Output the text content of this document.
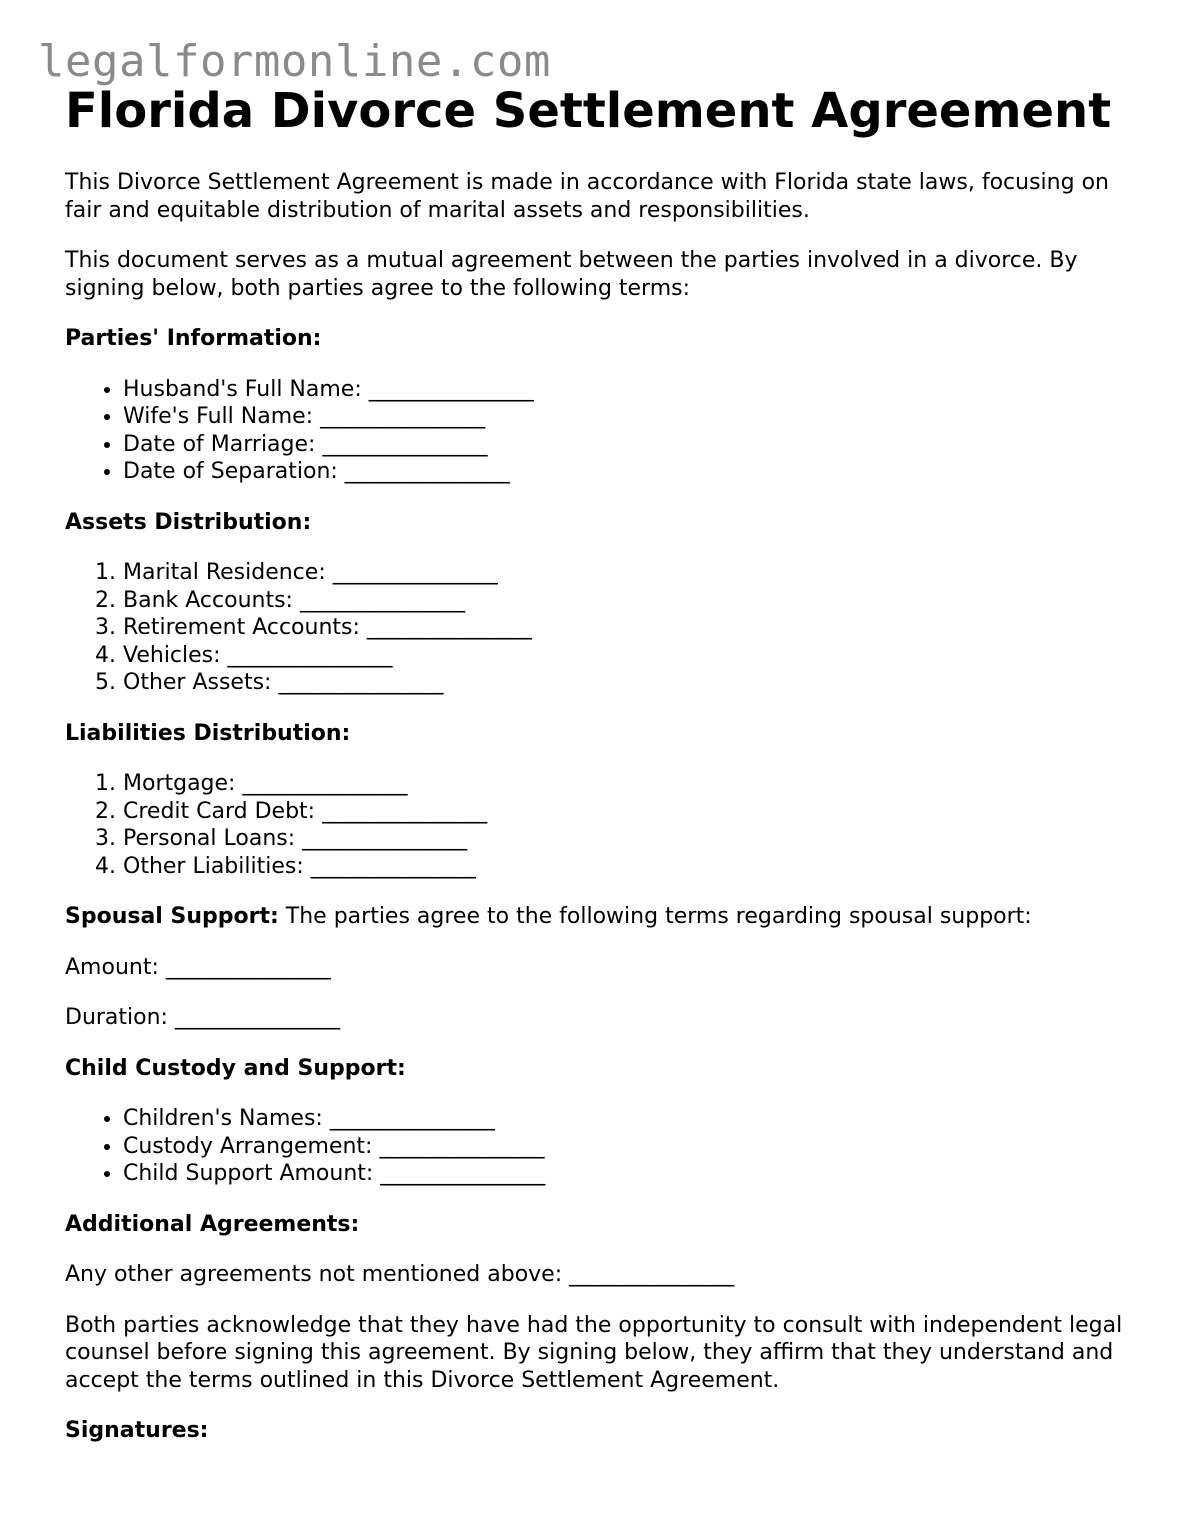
legalformonline.com
Florida Divorce Settlement Agreement

This Divorce Settlement Agreement is made in accordance with Florida state laws, focusing on fair and equitable distribution of marital assets and responsibilities.

This document serves as a mutual agreement between the parties involved in a divorce. By signing below, both parties agree to the following terms:

Parties' Information:

• Husband's Full Name: _______________
• Wife's Full Name: _______________
• Date of Marriage: _______________
• Date of Separation: _______________

Assets Distribution:

1. Marital Residence: _______________
2. Bank Accounts: _______________
3. Retirement Accounts: _______________
4. Vehicles: _______________
5. Other Assets: _______________

Liabilities Distribution:

1. Mortgage: _______________
2. Credit Card Debt: _______________
3. Personal Loans: _______________
4. Other Liabilities: _______________

Spousal Support: The parties agree to the following terms regarding spousal support:

Amount: _______________

Duration: _______________

Child Custody and Support:

• Children's Names: _______________
• Custody Arrangement: _______________
• Child Support Amount: _______________

Additional Agreements:

Any other agreements not mentioned above: _______________

Both parties acknowledge that they have had the opportunity to consult with independent legal counsel before signing this agreement. By signing below, they affirm that they understand and accept the terms outlined in this Divorce Settlement Agreement.

Signatures:
